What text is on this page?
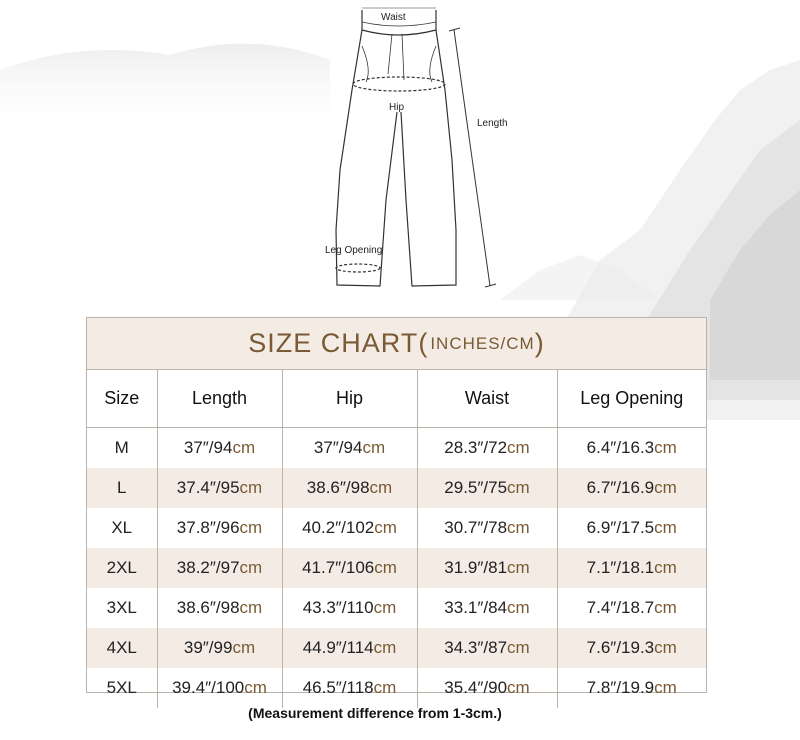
Waist
Hip
Length
Leg Opening
SIZE CHART ( INCHES/CM )
Size	Length	Hip	Waist	Leg Opening
M	37″/94cm	37″/94cm	28.3″/72cm	6.4″/16.3cm
L	37.4″/95cm	38.6″/98cm	29.5″/75cm	6.7″/16.9cm
XL	37.8″/96cm	40.2″/102cm	30.7″/78cm	6.9″/17.5cm
2XL	38.2″/97cm	41.7″/106cm	31.9″/81cm	7.1″/18.1cm
3XL	38.6″/98cm	43.3″/110cm	33.1″/84cm	7.4″/18.7cm
4XL	39″/99cm	44.9″/114cm	34.3″/87cm	7.6″/19.3cm
5XL	39.4″/100cm	46.5″/118cm	35.4″/90cm	7.8″/19.9cm
(Measurement difference from 1-3cm.)
